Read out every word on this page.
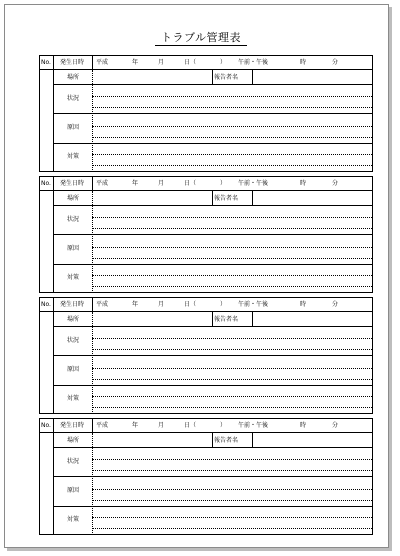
トラブル管理表
No. 発生日時 平成	年	月	日（	） 午前・午後	時	分
場所	報告者名
状況
原因
対策
No. 発生日時 平成	年	月	日（	） 午前・午後	時	分
場所	報告者名
状況
原因
対策
No. 発生日時 平成	年	月	日（	） 午前・午後	時	分
場所	報告者名
状況
原因
対策
No. 発生日時 平成	年	月	日（	） 午前・午後	時	分
場所	報告者名
状況
原因
対策
